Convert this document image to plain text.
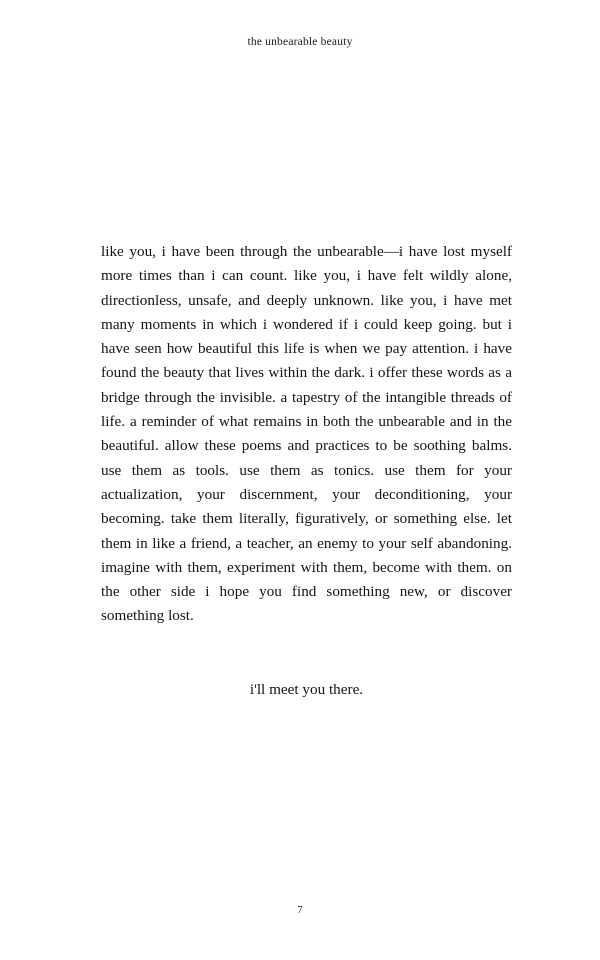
the unbearable beauty

like you, i have been through the unbearable—i have lost myself more times than i can count. like you, i have felt wildly alone, directionless, unsafe, and deeply unknown. like you, i have met many moments in which i wondered if i could keep going. but i have seen how beautiful this life is when we pay attention. i have found the beauty that lives within the dark. i offer these words as a bridge through the invisible. a tapestry of the intangible threads of life. a reminder of what remains in both the unbearable and in the beautiful. allow these poems and practices to be soothing balms. use them as tools. use them as tonics. use them for your actualization, your discernment, your deconditioning, your becoming. take them literally, figuratively, or something else. let them in like a friend, a teacher, an enemy to your self abandoning. imagine with them, experiment with them, become with them. on the other side i hope you find something new, or discover something lost.

i'll meet you there.
7
